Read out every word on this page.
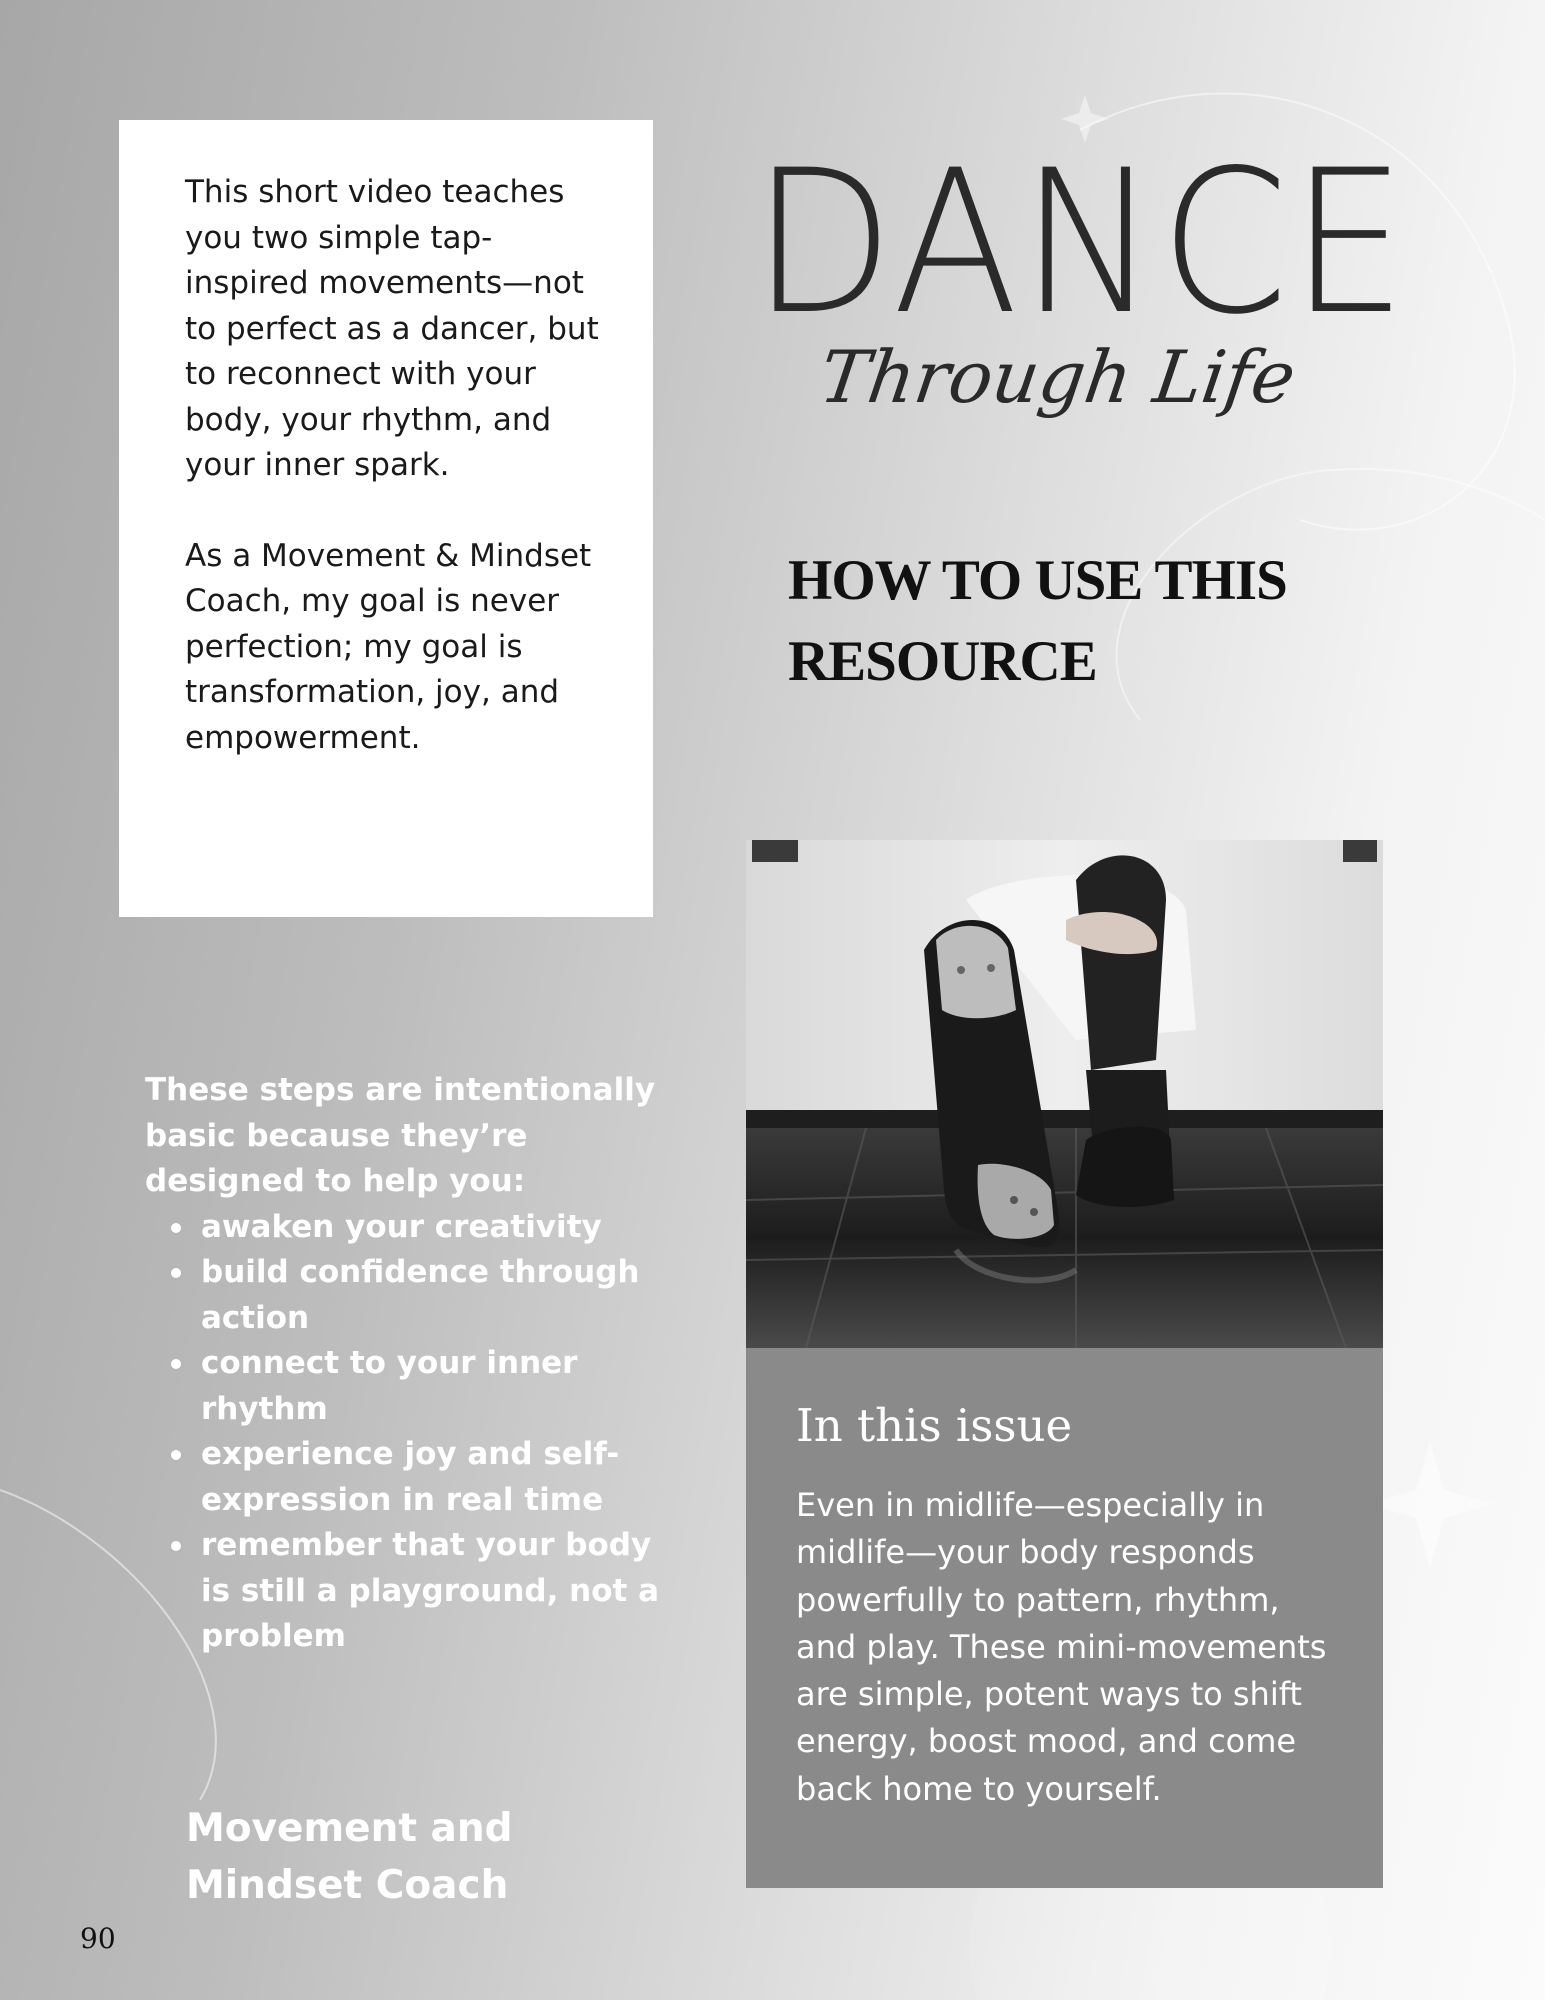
This short video teaches you two simple tap-inspired movements—not to perfect as a dancer, but to reconnect with your body, your rhythm, and your inner spark.

As a Movement & Mindset Coach, my goal is never perfection; my goal is transformation, joy, and empowerment.

DANCE
Through Life
HOW TO USE THIS
RESOURCE
In this issue

Even in midlife—especially in midlife—your body responds powerfully to pattern, rhythm, and play. These mini-movements are simple, potent ways to shift energy, boost mood, and come back home to yourself.

These steps are intentionally basic because they’re designed to help you:

awaken your creativity
build confidence through action
connect to your inner rhythm
experience joy and self-expression in real time
remember that your body is still a playground, not a problem
Movement and
Mindset Coach
90
